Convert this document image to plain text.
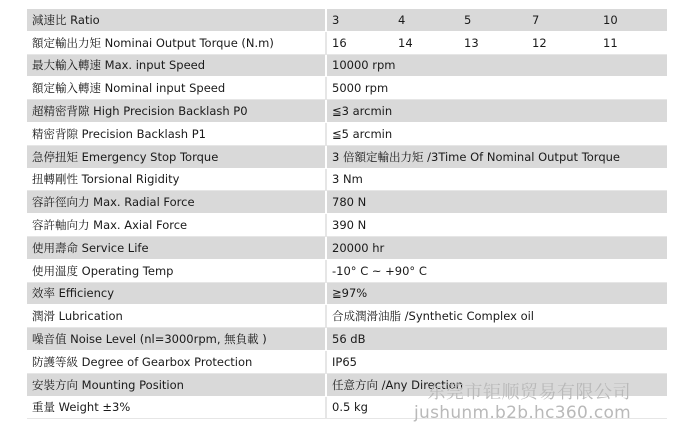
減速比 Ratio	3 4 5 7 10

額定輸出力矩 Nominai Output Torque (N.m)	16 14 13 12 11

最大輸入轉速 Max. input Speed	10000 rpm
額定輸入轉速 Nominal input Speed	5000 rpm
超精密背隙 High Precision Backlash P0	≦3 arcmin
精密背隙 Precision Backlash P1	≦5 arcmin
急停扭矩 Emergency Stop Torque	3 倍額定輸出力矩 /3Time Of Nominal Output Torque
扭轉剛性 Torsional Rigidity	3 Nm
容許徑向力 Max. Radial Force	780 N
容許軸向力 Max. Axial Force	390 N
使用壽命 Service Life	20000 hr
使用溫度 Operating Temp	-10° C ~ +90° C
效率 Efficiency	≧97%
潤滑 Lubrication	合成潤滑油脂 /Synthetic Complex oil
噪音值 Noise Level (nl=3000rpm, 無負載 )	56 dB
防護等級 Degree of Gearbox Protection	IP65
安裝方向 Mounting Position	任意方向 /Any Direction
重量 Weight ±3%	0.5 kg
东莞市钜顺贸易有限公司
jushunm.b2b.hc360.com
